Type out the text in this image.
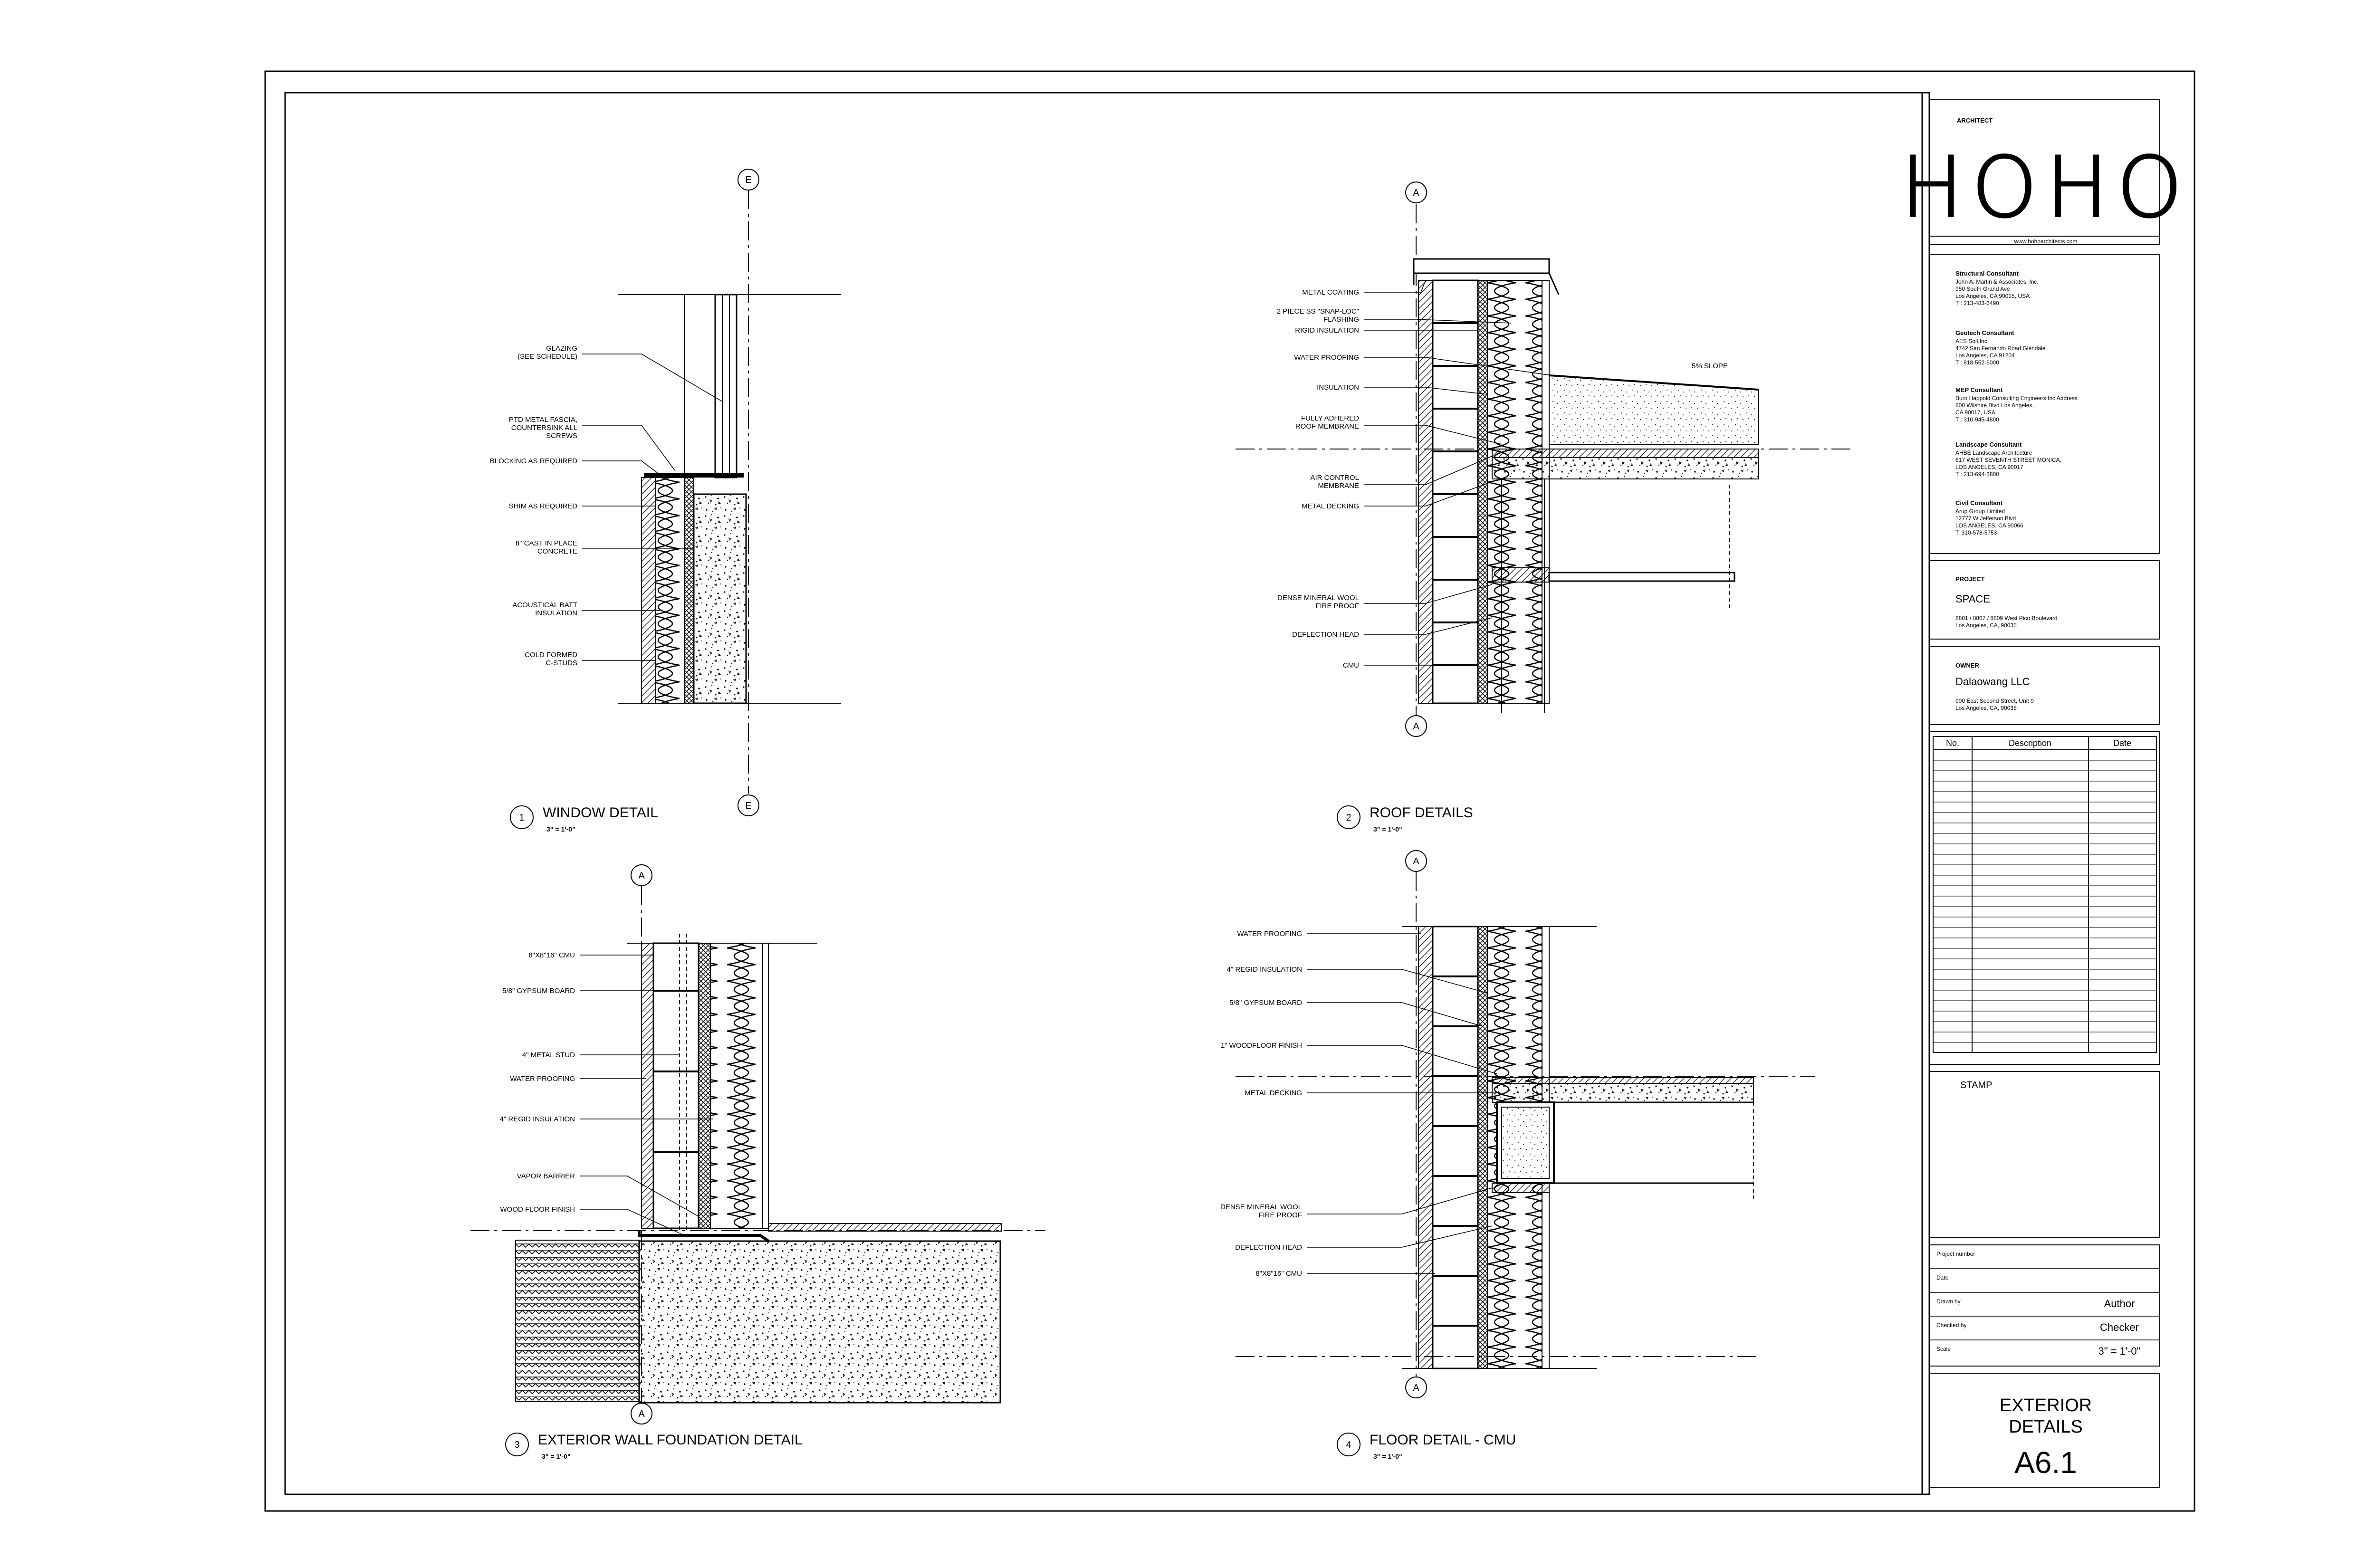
E
E
GLAZING
(SEE SCHEDULE)
PTD METAL FASCIA,
COUNTERSINK ALL
SCREWS
BLOCKING AS REQUIRED
SHIM AS REQUIRED
8" CAST IN PLACE
CONCRETE
ACOUSTICAL BATT
INSULATION
COLD FORMED
C-STUDS
1 WINDOW DETAIL
3" = 1'-0"
A
A
5% SLOPE
METAL COATING
2 PIECE SS "SNAP-LOC"
FLASHING
RIGID INSULATION
WATER PROOFING
INSULATION
FULLY ADHERED
ROOF MEMBRANE
AIR CONTROL
MEMBRANE
METAL DECKING
DENSE MINERAL WOOL
FIRE PROOF
DEFLECTION HEAD
CMU
2 ROOF DETAILS
3" = 1'-0"
A
A
8"X8"16" CMU
5/8" GYPSUM BOARD
4" METAL STUD
WATER PROOFING
4" REGID INSULATION
VAPOR BARRIER
WOOD FLOOR FINISH
3 EXTERIOR WALL FOUNDATION DETAIL
3" = 1'-0"
A
A
WATER PROOFING
4" REGID INSULATION
5/8" GYPSUM BOARD
1" WOODFLOOR FINISH
METAL DECKING
DENSE MINERAL WOOL
FIRE PROOF
DEFLECTION HEAD
8"X8"16" CMU
4 FLOOR DETAIL - CMU
3" = 1'-0"
ARCHITECT
HOHO
www.hohoarchitects.com
Structural Consultant
John A. Martin & Associates, Inc.
950 South Grand Ave
Los Angeles, CA 90015, USA
T : 213-483-6490
Geotech Consultant
AES Soil,Inc
4742 San Fernando Road Glendale
Los Angeles, CA 91204
T : 818-552-6000
MEP Consultant
Buro Happold Consulting Engineers Inc Address
800 Wilshire Blvd Los Angeles,
CA 90017, USA
T : 310-945-4800
Landscape Consultant
AHBE Landscape Architecture
617 WEST SEVENTH STREET MONICA,
LOS ANGELES, CA 90017
T : 213-694-3800
Civil Consultant
Arup Group Limited
12777 W Jefferson Blvd
LOS ANGELES, CA 90066
T: 310-578-5753
PROJECT
SPACE
8801 / 8807 / 8809 West Pico Boulevard
Los Angeles, CA, 90035
OWNER
Dalaowang LLC
900 East Second Street, Unit 9
Los Angeles, CA, 90035
No.	Description	Date
STAMP
Project number
Date
Drawn by
Checked by
Scale
Author
Checker
3" = 1'-0"
EXTERIOR
DETAILS
A6.1
